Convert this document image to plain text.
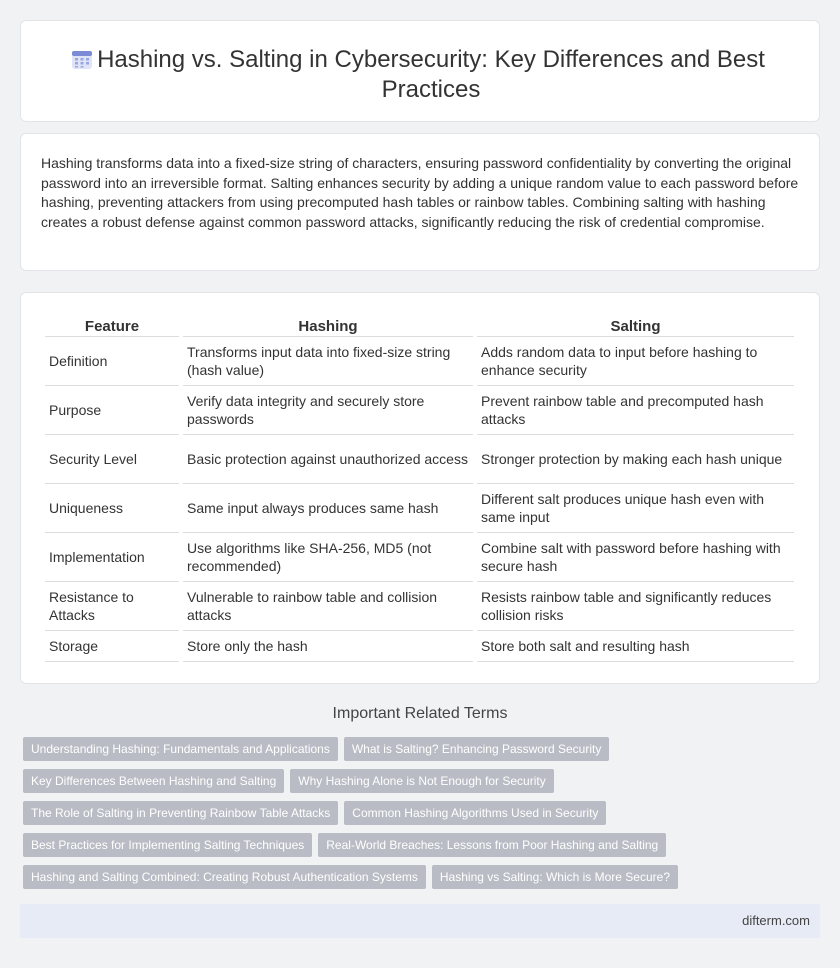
Hashing vs. Salting in Cybersecurity: Key Differences and Best Practices

Hashing transforms data into a fixed-size string of characters, ensuring password confidentiality by converting the original password into an irreversible format. Salting enhances security by adding a unique random value to each password before hashing, preventing attackers from using precomputed hash tables or rainbow tables. Combining salting with hashing creates a robust defense against common password attacks, significantly reducing the risk of credential compromise.

Feature	Hashing	Salting
Definition	Transforms input data into fixed-size string (hash value)	Adds random data to input before hashing to enhance security
Purpose	Verify data integrity and securely store passwords	Prevent rainbow table and precomputed hash attacks
Security Level	Basic protection against unauthorized access	Stronger protection by making each hash unique
Uniqueness	Same input always produces same hash	Different salt produces unique hash even with same input
Implementation	Use algorithms like SHA-256, MD5 (not recommended)	Combine salt with password before hashing with secure hash
Resistance to Attacks	Vulnerable to rainbow table and collision attacks	Resists rainbow table and significantly reduces collision risks
Storage	Store only the hash	Store both salt and resulting hash
Important Related Terms
Understanding Hashing: Fundamentals and Applications What is Salting? Enhancing Password Security
Key Differences Between Hashing and Salting Why Hashing Alone is Not Enough for Security
The Role of Salting in Preventing Rainbow Table Attacks Common Hashing Algorithms Used in Security
Best Practices for Implementing Salting Techniques Real-World Breaches: Lessons from Poor Hashing and Salting
Hashing and Salting Combined: Creating Robust Authentication Systems Hashing vs Salting: Which is More Secure?
difterm.com
